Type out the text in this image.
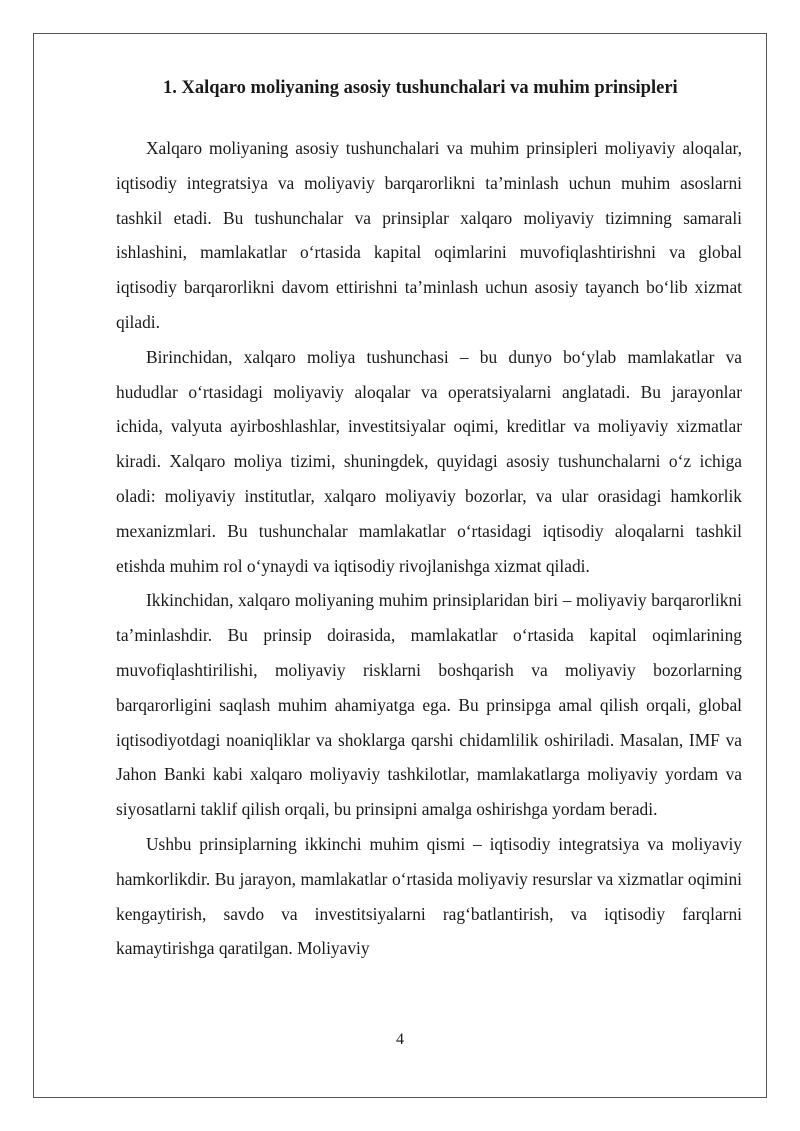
1. Xalqaro moliyaning asosiy tushunchalari va muhim prinsipleri

Xalqaro moliyaning asosiy tushunchalari va muhim prinsipleri moliyaviy aloqalar, iqtisodiy integratsiya va moliyaviy barqarorlikni ta’minlash uchun muhim asoslarni tashkil etadi. Bu tushunchalar va prinsiplar xalqaro moliyaviy tizimning samarali ishlashini, mamlakatlar o‘rtasida kapital oqimlarini muvofiqlashtirishni va global iqtisodiy barqarorlikni davom ettirishni ta’minlash uchun asosiy tayanch bo‘lib xizmat qiladi.

Birinchidan, xalqaro moliya tushunchasi – bu dunyo bo‘ylab mamlakatlar va hududlar o‘rtasidagi moliyaviy aloqalar va operatsiyalarni anglatadi. Bu jarayonlar ichida, valyuta ayirboshlashlar, investitsiyalar oqimi, kreditlar va moliyaviy xizmatlar kiradi. Xalqaro moliya tizimi, shuningdek, quyidagi asosiy tushunchalarni o‘z ichiga oladi: moliyaviy institutlar, xalqaro moliyaviy bozorlar, va ular orasidagi hamkorlik mexanizmlari. Bu tushunchalar mamlakatlar o‘rtasidagi iqtisodiy aloqalarni tashkil etishda muhim rol o‘ynaydi va iqtisodiy rivojlanishga xizmat qiladi.

Ikkinchidan, xalqaro moliyaning muhim prinsiplaridan biri – moliyaviy barqarorlikni ta’minlashdir. Bu prinsip doirasida, mamlakatlar o‘rtasida kapital oqimlarining muvofiqlashtirilishi, moliyaviy risklarni boshqarish va moliyaviy bozorlarning barqarorligini saqlash muhim ahamiyatga ega. Bu prinsipga amal qilish orqali, global iqtisodiyotdagi noaniqliklar va shoklarga qarshi chidamlilik oshiriladi. Masalan, IMF va Jahon Banki kabi xalqaro moliyaviy tashkilotlar, mamlakatlarga moliyaviy yordam va siyosatlarni taklif qilish orqali, bu prinsipni amalga oshirishga yordam beradi.

Ushbu prinsiplarning ikkinchi muhim qismi – iqtisodiy integratsiya va moliyaviy hamkorlikdir. Bu jarayon, mamlakatlar o‘rtasida moliyaviy resurslar va xizmatlar oqimini kengaytirish, savdo va investitsiyalarni rag‘batlantirish, va iqtisodiy farqlarni kamaytirishga qaratilgan. Moliyaviy

4
